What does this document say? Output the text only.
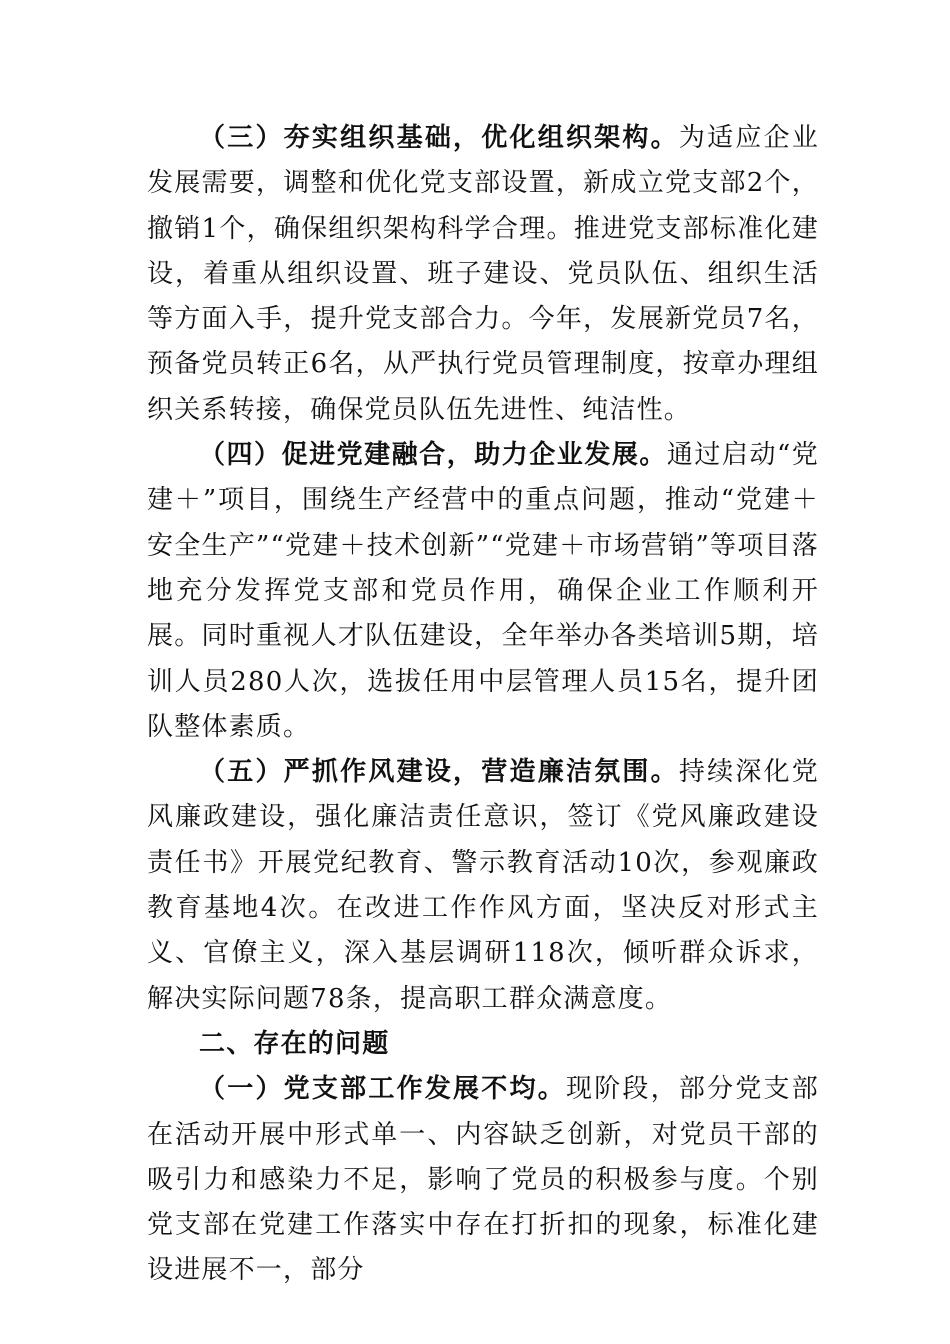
（三）夯实组织基础，优化组织架构。为适应企业发展需要，调整和优化党支部设置，新成立党支部2个，撤销1个，确保组织架构科学合理。推进党支部标准化建设，着重从组织设置、班子建设、党员队伍、组织生活等方面入手，提升党支部合力。今年，发展新党员7名，预备党员转正6名，从严执行党员管理制度，按章办理组织关系转接，确保党员队伍先进性、纯洁性。

（四）促进党建融合，助力企业发展。通过启动“党建＋”项目，围绕生产经营中的重点问题，推动“党建＋安全生产”“党建＋技术创新”“党建＋市场营销”等项目落地充分发挥党支部和党员作用，确保企业工作顺利开展。同时重视人才队伍建设，全年举办各类培训5期，培训人员280人次，选拔任用中层管理人员15名，提升团队整体素质。

（五）严抓作风建设，营造廉洁氛围。持续深化党风廉政建设，强化廉洁责任意识，签订《党风廉政建设责任书》开展党纪教育、警示教育活动10次，参观廉政教育基地4次。在改进工作作风方面，坚决反对形式主义、官僚主义，深入基层调研118次，倾听群众诉求，解决实际问题78条，提高职工群众满意度。

二、存在的问题

（一）党支部工作发展不均。现阶段，部分党支部在活动开展中形式单一、内容缺乏创新，对党员干部的吸引力和感染力不足，影响了党员的积极参与度。个别党支部在党建工作落实中存在打折扣的现象，标准化建设进展不一，部分
